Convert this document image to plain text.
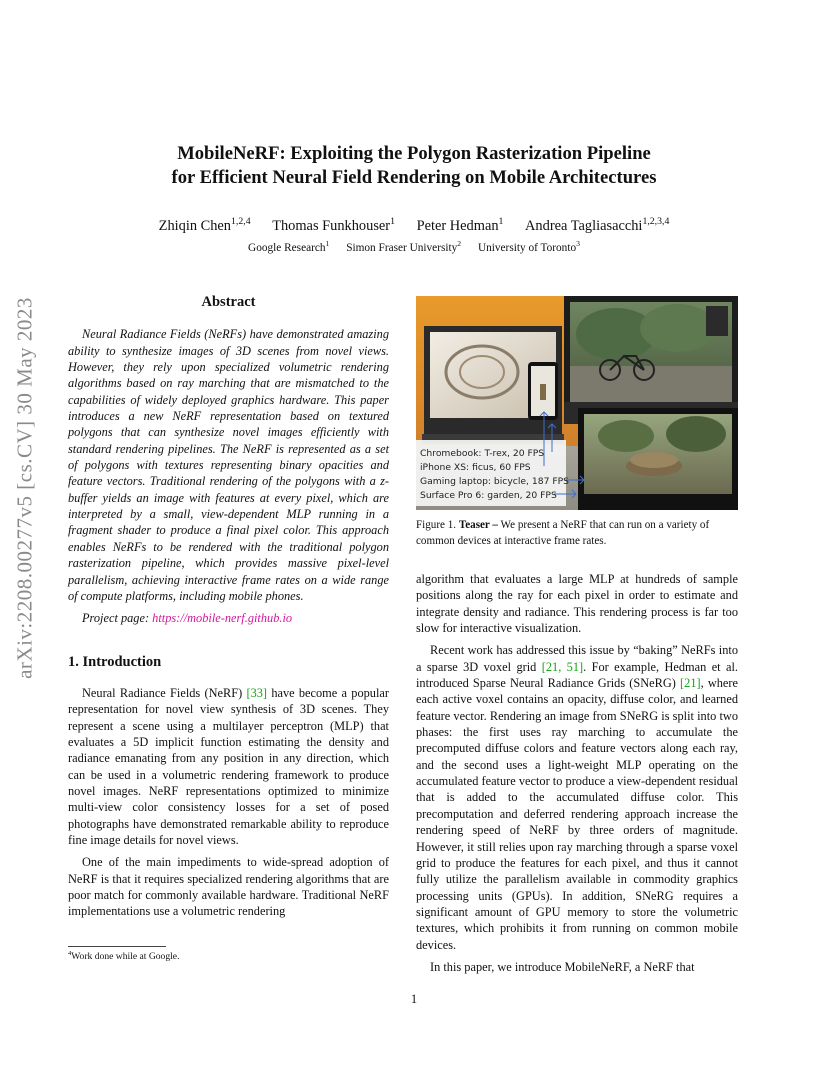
arXiv:2208.00277v5 [cs.CV] 30 May 2023
MobileNeRF: Exploiting the Polygon Rasterization Pipeline
for Efficient Neural Field Rendering on Mobile Architectures
Zhiqin Chen$^{1,2,4}$ Thomas Funkhouser$^1$ Peter Hedman$^1$ Andrea Tagliasacchi$^{1,2,3,4}$
Google Research$^1$ Simon Fraser University$^2$ University of Toronto$^3$
Abstract

Neural Radiance Fields (NeRFs) have demonstrated amazing ability to synthesize images of 3D scenes from novel views. However, they rely upon specialized volumetric rendering algorithms based on ray marching that are mismatched to the capabilities of widely deployed graphics hardware. This paper introduces a new NeRF representation based on textured polygons that can synthesize novel images efficiently with standard rendering pipelines. The NeRF is represented as a set of polygons with textures representing binary opacities and feature vectors. Traditional rendering of the polygons with a z-buffer yields an image with features at every pixel, which are interpreted by a small, view-dependent MLP running in a fragment shader to produce a final pixel color. This approach enables NeRFs to be rendered with the traditional polygon rasterization pipeline, which provides massive pixel-level parallelism, achieving interactive frame rates on a wide range of compute platforms, including mobile phones.

Project page: https://mobile-nerf.github.io

1. Introduction

Neural Radiance Fields (NeRF) [33] have become a popular representation for novel view synthesis of 3D scenes. They represent a scene using a multilayer perceptron (MLP) that evaluates a 5D implicit function estimating the density and radiance emanating from any position in any direction, which can be used in a volumetric rendering framework to produce novel images. NeRF representations optimized to minimize multi-view color consistency losses for a set of posed photographs have demonstrated remarkable ability to reproduce fine image details for novel views.

One of the main impediments to wide-spread adoption of NeRF is that it requires specialized rendering algorithms that are poor match for commonly available hardware. Traditional NeRF implementations use a volumetric rendering

$^4$Work done while at Google.
Chromebook: T-rex, 20 FPS
iPhone XS: ficus, 60 FPS
Gaming laptop: bicycle, 187 FPS
Surface Pro 6: garden, 20 FPS
Figure 1. Teaser – We present a NeRF that can run on a variety of common devices at interactive frame rates.

algorithm that evaluates a large MLP at hundreds of sample positions along the ray for each pixel in order to estimate and integrate density and radiance. This rendering process is far too slow for interactive visualization.

Recent work has addressed this issue by “baking” NeRFs into a sparse 3D voxel grid [21, 51]. For example, Hedman et al. introduced Sparse Neural Radiance Grids (SNeRG) [21], where each active voxel contains an opacity, diffuse color, and learned feature vector. Rendering an image from SNeRG is split into two phases: the first uses ray marching to accumulate the precomputed diffuse colors and feature vectors along each ray, and the second uses a light-weight MLP operating on the accumulated feature vector to produce a view-dependent residual that is added to the accumulated diffuse color. This precomputation and deferred rendering approach increase the rendering speed of NeRF by three orders of magnitude. However, it still relies upon ray marching through a sparse voxel grid to produce the features for each pixel, and thus it cannot fully utilize the parallelism available in commodity graphics processing units (GPUs). In addition, SNeRG requires a significant amount of GPU memory to store the volumetric textures, which prohibits it from running on common mobile devices.

In this paper, we introduce MobileNeRF, a NeRF that

1
